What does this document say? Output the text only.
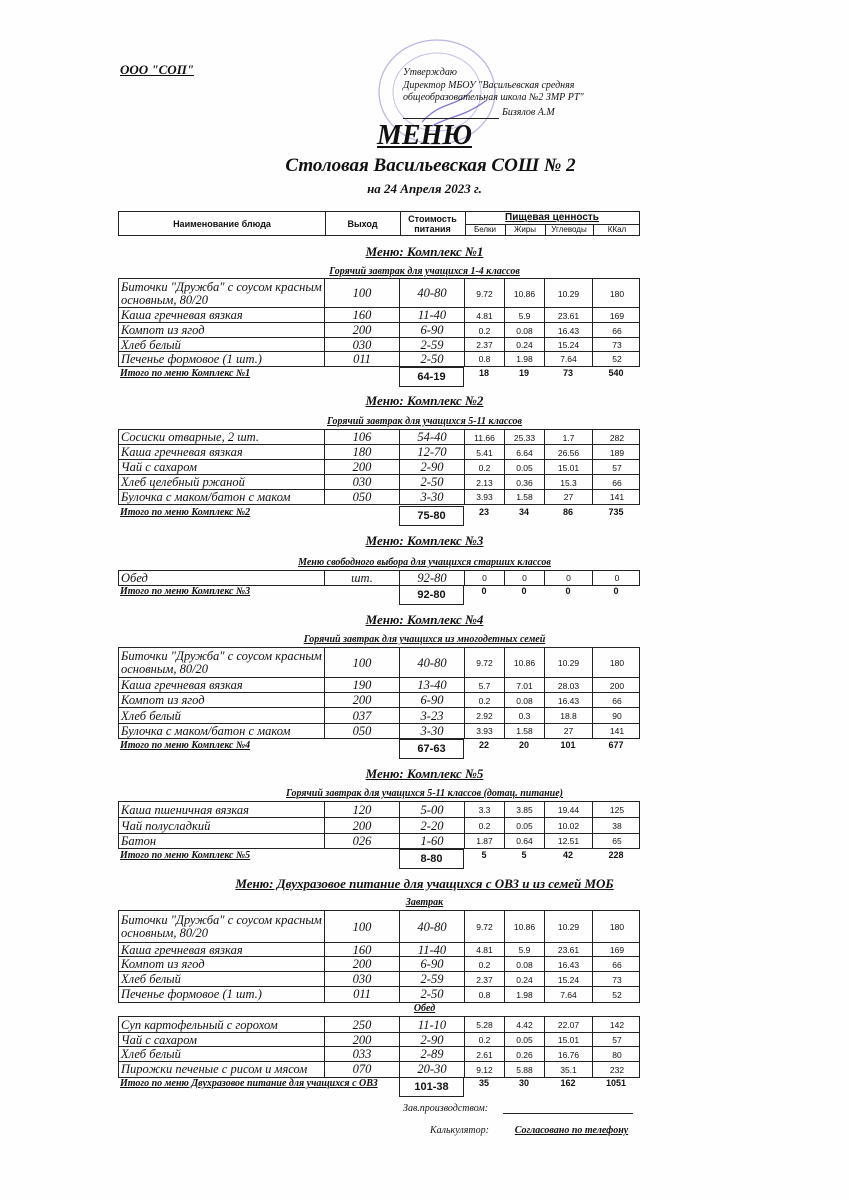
ООО "СОП"	Утверждаю
Директор МБОУ "Васильевская средняя
общеобразовательная школа №2 ЗМР РТ"
Бизялов А.М
МЕНЮ
Столовая Васильевская СОШ № 2
на 24 Апреля 2023 г.
Наименование блюда	Выход	Стоимость питания
Пищевая ценность
Белки	Жиры	Углеводы	ККал
Меню: Комплекс №1
Горячий завтрак для учащихся 1-4 классов
Биточки "Дружба" с соусом красным основным, 80/20	100	40-80	9.72	10.86	10.29	180
Каша гречневая вязкая	160	11-40	4.81	5.9	23.61	169
Компот из ягод	200	6-90	0.2	0.08	16.43	66
Хлеб белый	030	2-59	2.37	0.24	15.24	73
Печенье формовое (1 шт.)	011	2-50	0.8	1.98	7.64	52
Итого по меню Комплекс №1	64-19	18	19	73	540
Меню: Комплекс №2
Горячий завтрак для учащихся 5-11 классов
Сосиски отварные, 2 шт.	106	54-40	11.66	25.33	1.7	282
Каша гречневая вязкая	180	12-70	5.41	6.64	26.56	189
Чай с сахаром	200	2-90	0.2	0.05	15.01	57
Хлеб целебный ржаной	030	2-50	2.13	0.36	15.3	66
Булочка с маком/батон с маком	050	3-30	3.93	1.58	27	141
Итого по меню Комплекс №2	75-80	23	34	86	735
Меню: Комплекс №3
Меню свободного выбора для учащихся старших классов
Обед	шт.	92-80	0	0	0	0
Итого по меню Комплекс №3	92-80	0	0	0	0
Меню: Комплекс №4
Горячий завтрак для учащихся из многодетных семей
Биточки "Дружба" с соусом красным основным, 80/20	100	40-80	9.72	10.86	10.29	180
Каша гречневая вязкая	190	13-40	5.7	7.01	28.03	200
Компот из ягод	200	6-90	0.2	0.08	16.43	66
Хлеб белый	037	3-23	2.92	0.3	18.8	90
Булочка с маком/батон с маком	050	3-30	3.93	1.58	27	141
Итого по меню Комплекс №4	67-63	22	20	101	677
Меню: Комплекс №5
Горячий завтрак для учащихся 5-11 классов (дотац. питание)
Каша пшеничная вязкая	120	5-00	3.3	3.85	19.44	125
Чай полусладкий	200	2-20	0.2	0.05	10.02	38
Батон	026	1-60	1.87	0.64	12.51	65
Итого по меню Комплекс №5	8-80	5	5	42	228
Меню: Двухразовое питание для учащихся с ОВЗ и из семей МОБ
Завтрак
Биточки "Дружба" с соусом красным основным, 80/20	100	40-80	9.72	10.86	10.29	180
Каша гречневая вязкая	160	11-40	4.81	5.9	23.61	169
Компот из ягод	200	6-90	0.2	0.08	16.43	66
Хлеб белый	030	2-59	2.37	0.24	15.24	73
Печенье формовое (1 шт.)	011	2-50	0.8	1.98	7.64	52
Обед
Суп картофельный с горохом	250	11-10	5.28	4.42	22.07	142
Чай с сахаром	200	2-90	0.2	0.05	15.01	57
Хлеб белый	033	2-89	2.61	0.26	16.76	80
Пирожки печеные с рисом и мясом	070	20-30	9.12	5.88	35.1	232
Итого по меню Двухразовое питание для учащихся с ОВЗ	101-38	35	30	162	1051
Зав.производством:
Калькулятор:	Согласовано по телефону
